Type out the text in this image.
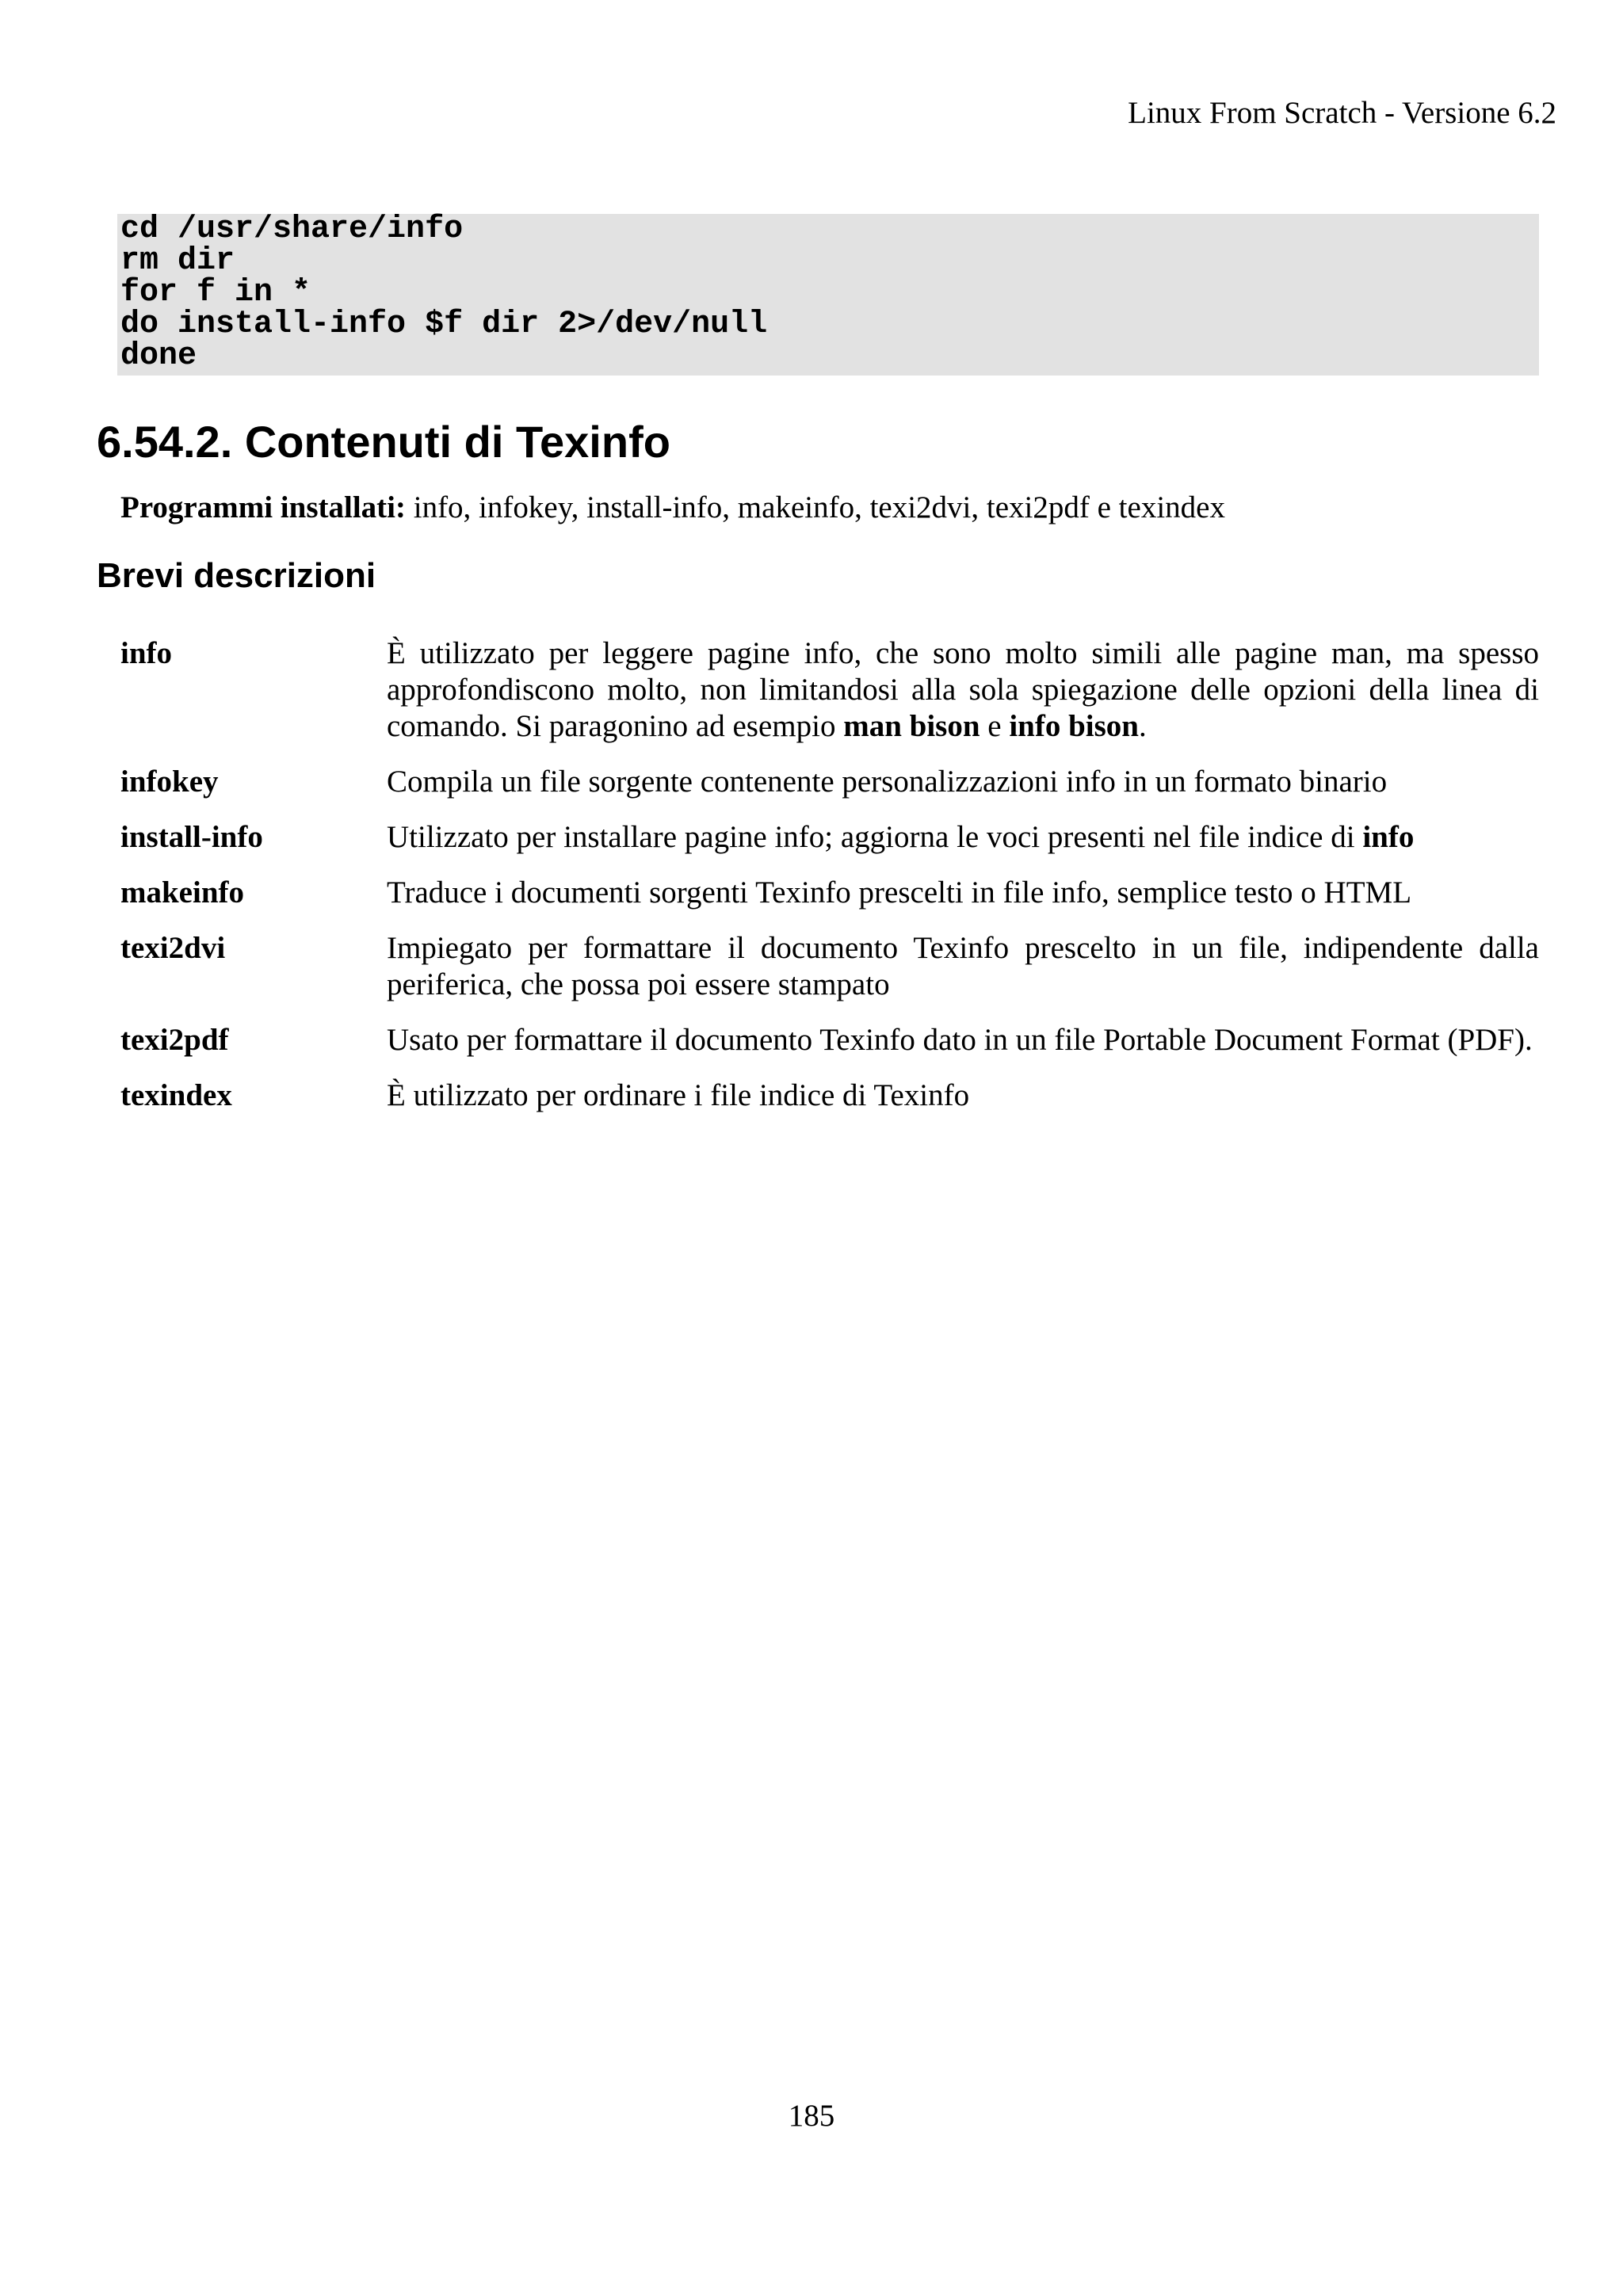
Linux From Scratch - Versione 6.2
cd /usr/share/info
rm dir
for f in *
do install-info $f dir 2>/dev/null
done
6.54.2. Contenuti di Texinfo
Programmi installati: info, infokey, install-info, makeinfo, texi2dvi, texi2pdf e texindex
Brevi descrizioni
info	È utilizzato per leggere pagine info, che sono molto simili alle pagine man, ma spesso approfondiscono molto, non limitandosi alla sola spiegazione delle opzioni della linea di comando. Si paragonino ad esempio man bison e info bison.
infokey	Compila un file sorgente contenente personalizzazioni info in un formato binario
install-info	Utilizzato per installare pagine info; aggiorna le voci presenti nel file indice di info
makeinfo	Traduce i documenti sorgenti Texinfo prescelti in file info, semplice testo o HTML
texi2dvi	Impiegato per formattare il documento Texinfo prescelto in un file, indipendente dalla periferica, che possa poi essere stampato
texi2pdf	Usato per formattare il documento Texinfo dato in un file Portable Document Format (PDF).
texindex	È utilizzato per ordinare i file indice di Texinfo
185
